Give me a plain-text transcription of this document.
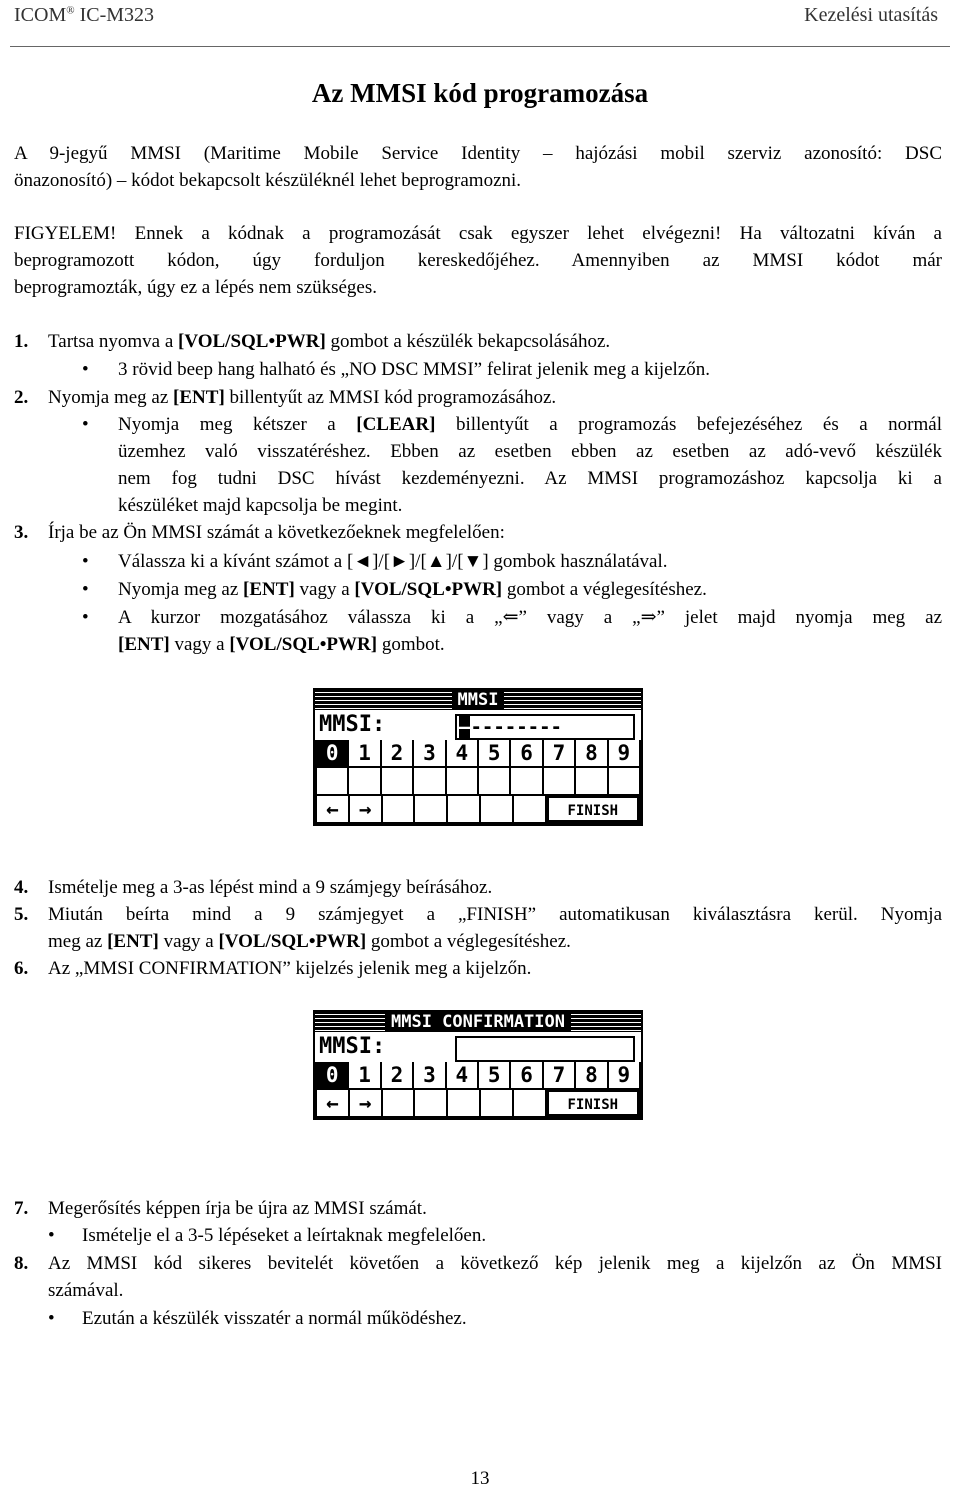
ICOM® IC-M323	Kezelési utasítás
Az MMSI kód programozása
A 9-jegyű MMSI (Maritime Mobile Service Identity – hajózási mobil szerviz azonosító: DSC
önazonosító) – kódot bekapcsolt készüléknél lehet beprogramozni.
FIGYELEM! Ennek a kódnak a programozását csak egyszer lehet elvégezni! Ha változatni kíván a
beprogramozott kódon, úgy forduljon kereskedőjéhez. Amennyiben az MMSI kódot már
beprogramozták, úgy ez a lépés nem szükséges.
1. Tartsa nyomva a [VOL/SQL•PWR] gombot a készülék bekapcsolásához.
• 3 rövid beep hang halható és „NO DSC MMSI” felirat jelenik meg a kijelzőn.
2. Nyomja meg az [ENT] billentyűt az MMSI kód programozásához.
• Nyomja meg kétszer a [CLEAR] billentyűt a programozás befejezéséhez és a normál
üzemhez való visszatéréshez. Ebben az esetben ebben az esetben az adó-vevő készülék
nem fog tudni DSC hívást kezdeményezni. Az MMSI programozáshoz kapcsolja ki a
készüléket majd kapcsolja be megint.
3. Írja be az Ön MMSI számát a következőeknek megfelelően:
• Válassza ki a kívánt számot a [◄]/[►]/[▲]/[▼] gombok használatával.
• Nyomja meg az [ENT] vagy a [VOL/SQL•PWR] gombot a véglegesítéshez.
• A kurzor mozgatásához válassza ki a „⇐” vagy a „⇒” jelet majd nyomja meg az
[ENT] vagy a [VOL/SQL•PWR] gombot.
MMSI
MMSI:	–--------
0 1 2 3 4 5 6 7 8 9
← →	FINISH
4. Ismételje meg a 3-as lépést mind a 9 számjegy beírásához.
5. Miután beírta mind a 9 számjegyet a „FINISH” automatikusan kiválasztásra kerül. Nyomja
meg az [ENT] vagy a [VOL/SQL•PWR] gombot a véglegesítéshez.
6. Az „MMSI CONFIRMATION” kijelzés jelenik meg a kijelzőn.
MMSI CONFIRMATION
MMSI:
0 1 2 3 4 5 6 7 8 9
← →	FINISH
7. Megerősítés képpen írja be újra az MMSI számát.
• Ismételje el a 3-5 lépéseket a leírtaknak megfelelően.
8. Az MMSI kód sikeres bevitelét követően a következő kép jelenik meg a kijelzőn az Ön MMSI
számával.
• Ezután a készülék visszatér a normál működéshez.
13
